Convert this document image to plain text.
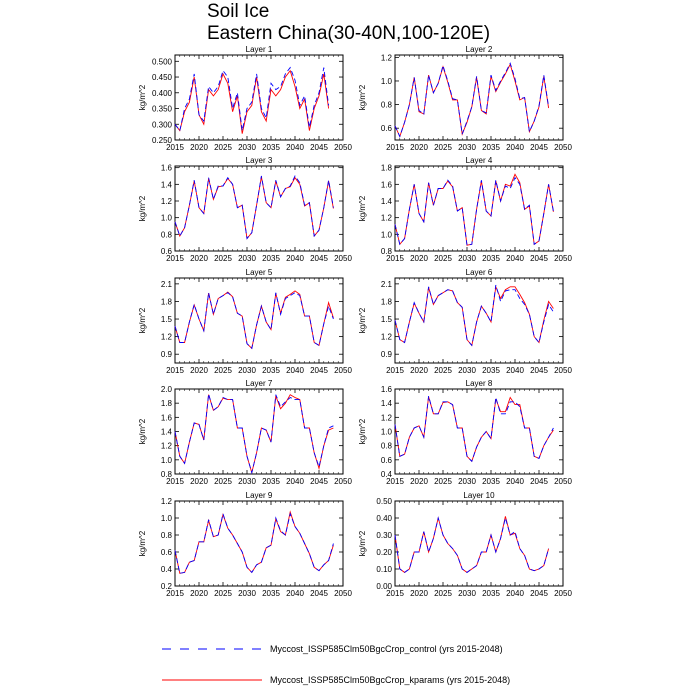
Soil Ice
Eastern China(30-40N,100-120E)
Layer 1
2015 2020 2025 2030 2035 2040 2045 2050
0.250
0.300
0.350
0.400
0.450
0.500
kg/m^2
Layer 2
2015 2020 2025 2030 2035 2040 2045 2050
0.6
0.8
1.0
1.2
kg/m^2
Layer 3
2015 2020 2025 2030 2035 2040 2045 2050
0.6
0.8
1.0
1.2
1.4
1.6
kg/m^2
Layer 4
2015 2020 2025 2030 2035 2040 2045 2050
0.8
1.0
1.2
1.4
1.6
1.8
kg/m^2
Layer 5
2015 2020 2025 2030 2035 2040 2045 2050
0.9
1.2
1.5
1.8
2.1
kg/m^2
Layer 6
2015 2020 2025 2030 2035 2040 2045 2050
0.9
1.2
1.5
1.8
2.1
kg/m^2
Layer 7
2015 2020 2025 2030 2035 2040 2045 2050
0.8
1.0
1.2
1.4
1.6
1.8
2.0
kg/m^2
Layer 8
2015 2020 2025 2030 2035 2040 2045 2050
0.4
0.6
0.8
1.0
1.2
1.4
1.6
kg/m^2
Layer 9
2015 2020 2025 2030 2035 2040 2045 2050
0.2
0.4
0.6
0.8
1.0
1.2
kg/m^2
Layer 10
2015 2020 2025 2030 2035 2040 2045 2050
0.00
0.10
0.20
0.30
0.40
0.50
kg/m^2
Myccost_ISSP585Clm50BgcCrop_control (yrs 2015-2048)
Myccost_ISSP585Clm50BgcCrop_kparams (yrs 2015-2048)
